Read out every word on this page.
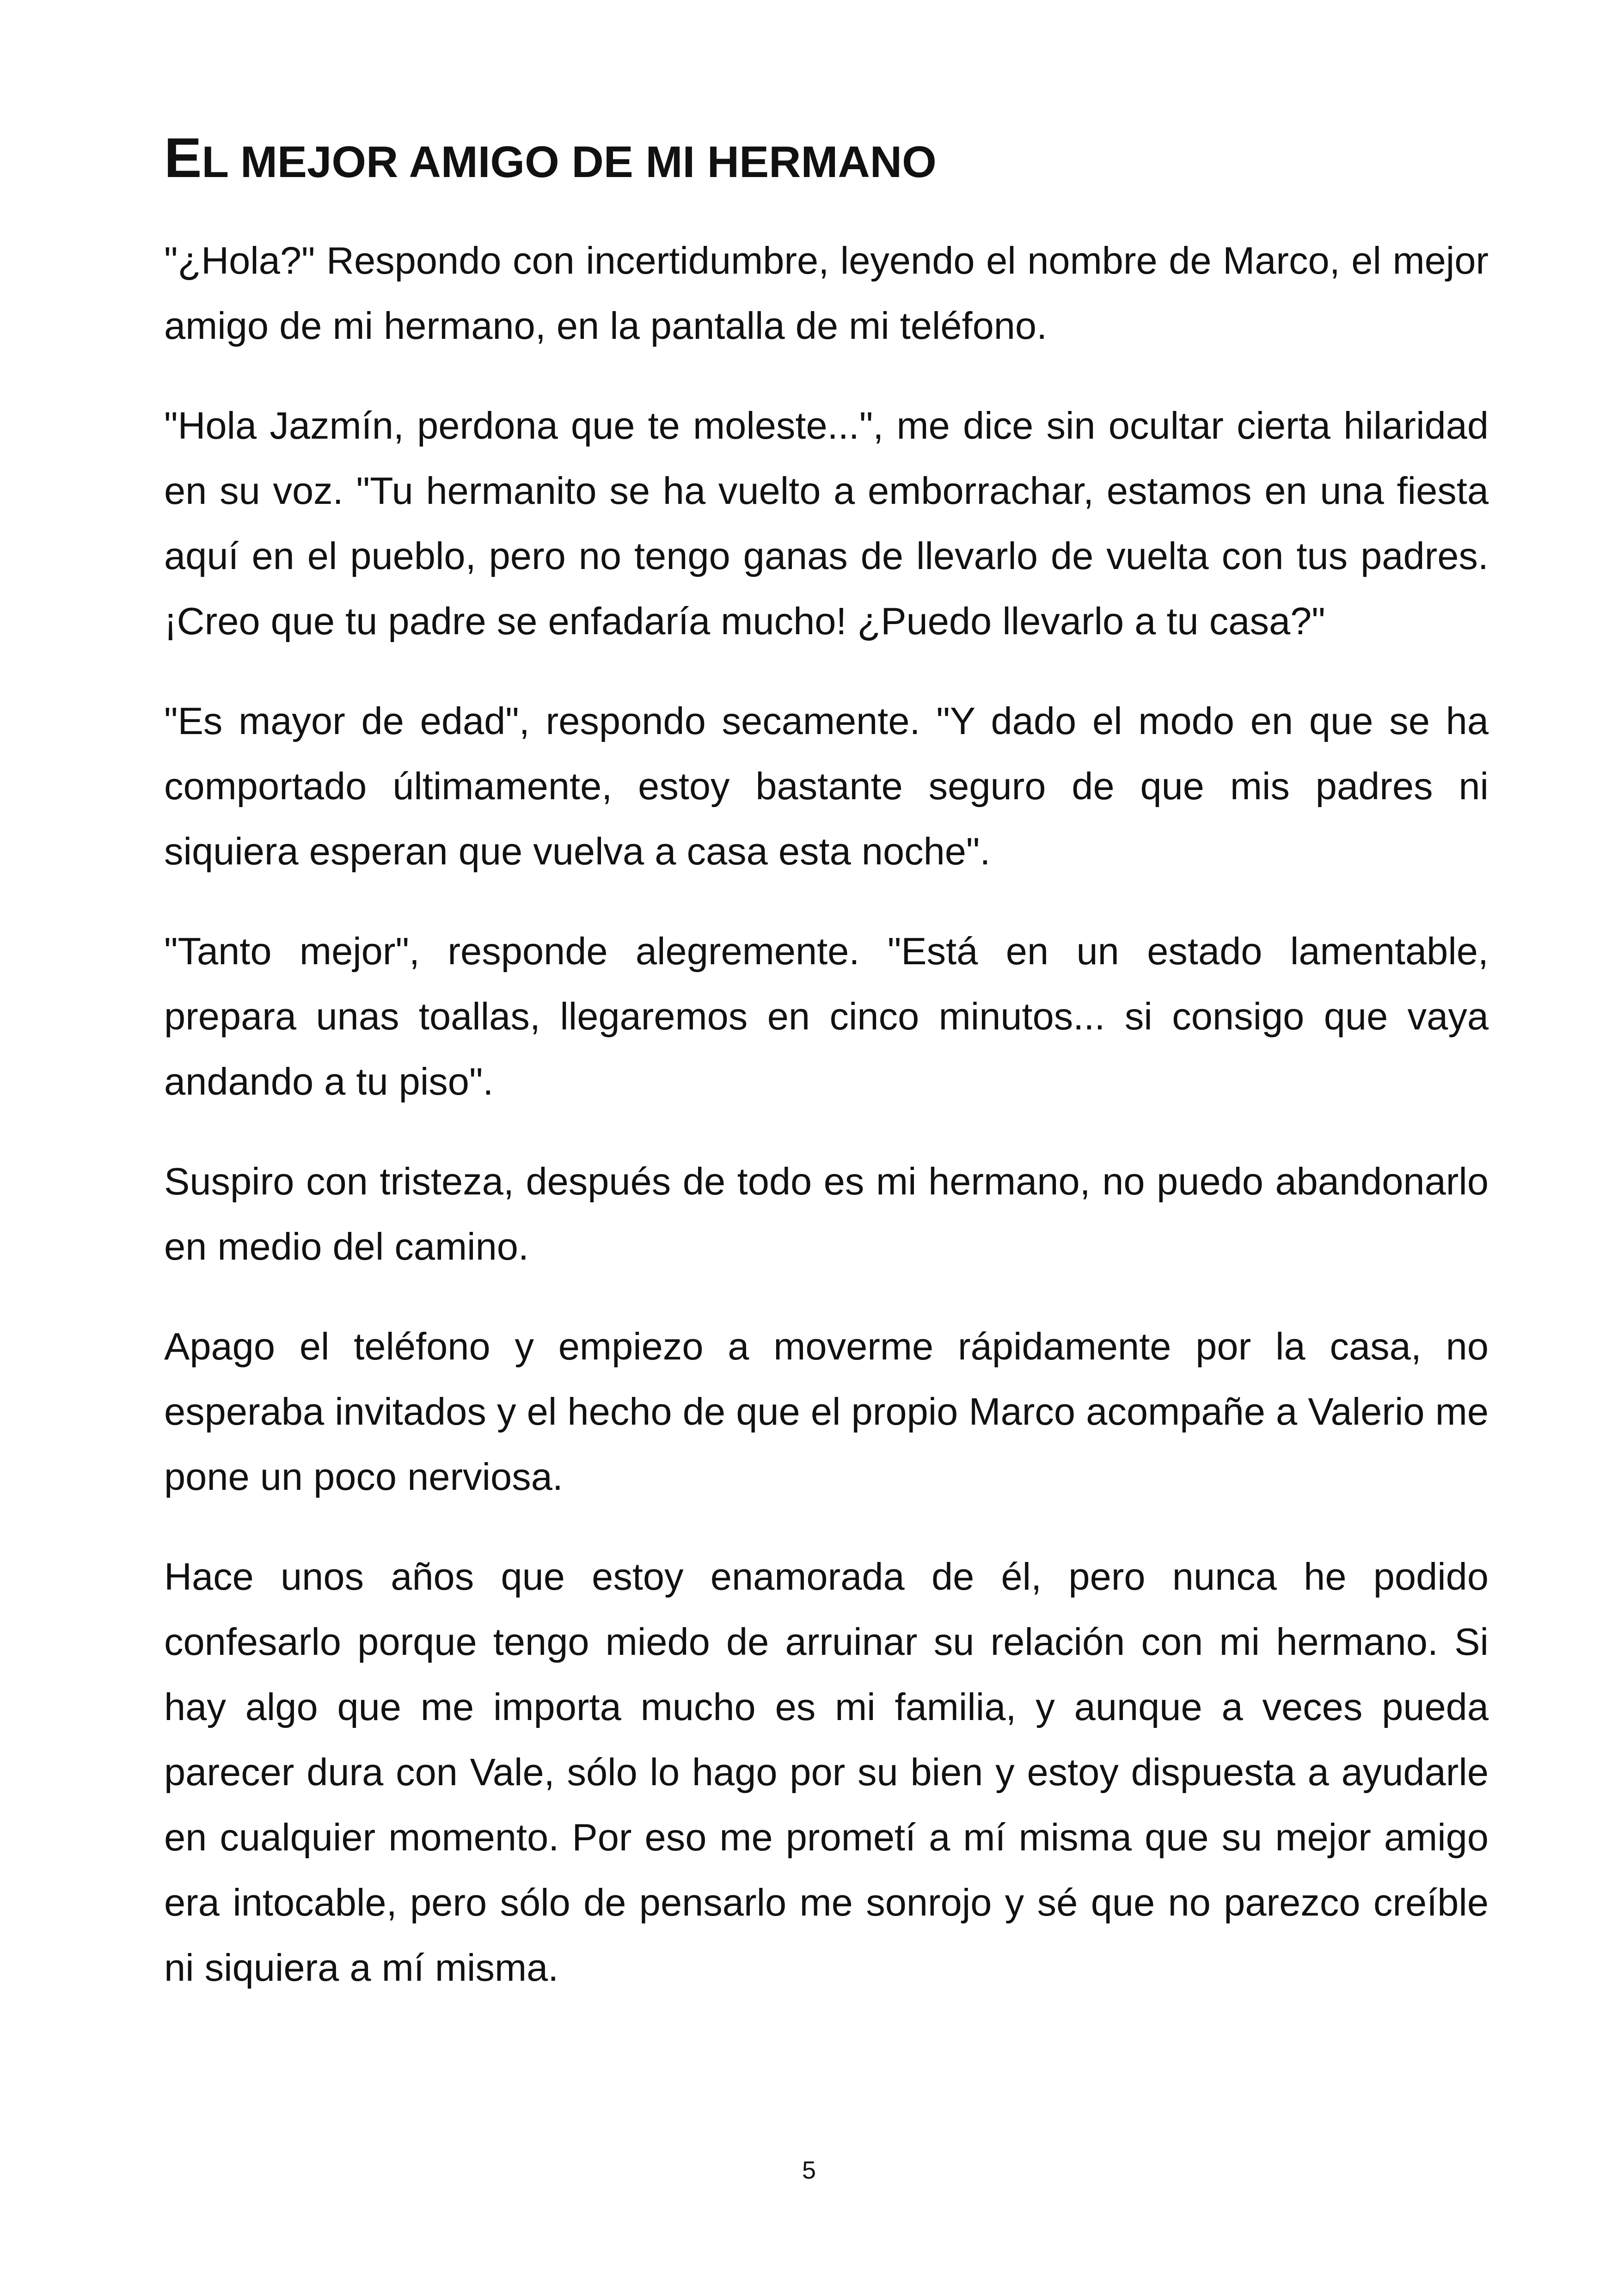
EL MEJOR AMIGO DE MI HERMANO

"¿Hola?" Respondo con incertidumbre, leyendo el nombre de Marco, el mejor amigo de mi hermano, en la pantalla de mi teléfono.

"Hola Jazmín, perdona que te moleste...", me dice sin ocultar cierta hilaridad en su voz. "Tu hermanito se ha vuelto a emborrachar, estamos en una fiesta aquí en el pueblo, pero no tengo ganas de llevarlo de vuelta con tus padres. ¡Creo que tu padre se enfadaría mucho! ¿Puedo llevarlo a tu casa?"

"Es mayor de edad", respondo secamente. "Y dado el modo en que se ha comportado últimamente, estoy bastante seguro de que mis padres ni siquiera esperan que vuelva a casa esta noche".

"Tanto mejor", responde alegremente. "Está en un estado lamentable, prepara unas toallas, llegaremos en cinco minutos... si consigo que vaya andando a tu piso".

Suspiro con tristeza, después de todo es mi hermano, no puedo abandonarlo en medio del camino.

Apago el teléfono y empiezo a moverme rápidamente por la casa, no esperaba invitados y el hecho de que el propio Marco acompañe a Valerio me pone un poco nerviosa.

Hace unos años que estoy enamorada de él, pero nunca he podido confesarlo porque tengo miedo de arruinar su relación con mi hermano. Si hay algo que me importa mucho es mi familia, y aunque a veces pueda parecer dura con Vale, sólo lo hago por su bien y estoy dispuesta a ayudarle en cualquier momento. Por eso me prometí a mí misma que su mejor amigo era intocable, pero sólo de pensarlo me sonrojo y sé que no parezco creíble ni siquiera a mí misma.

5
